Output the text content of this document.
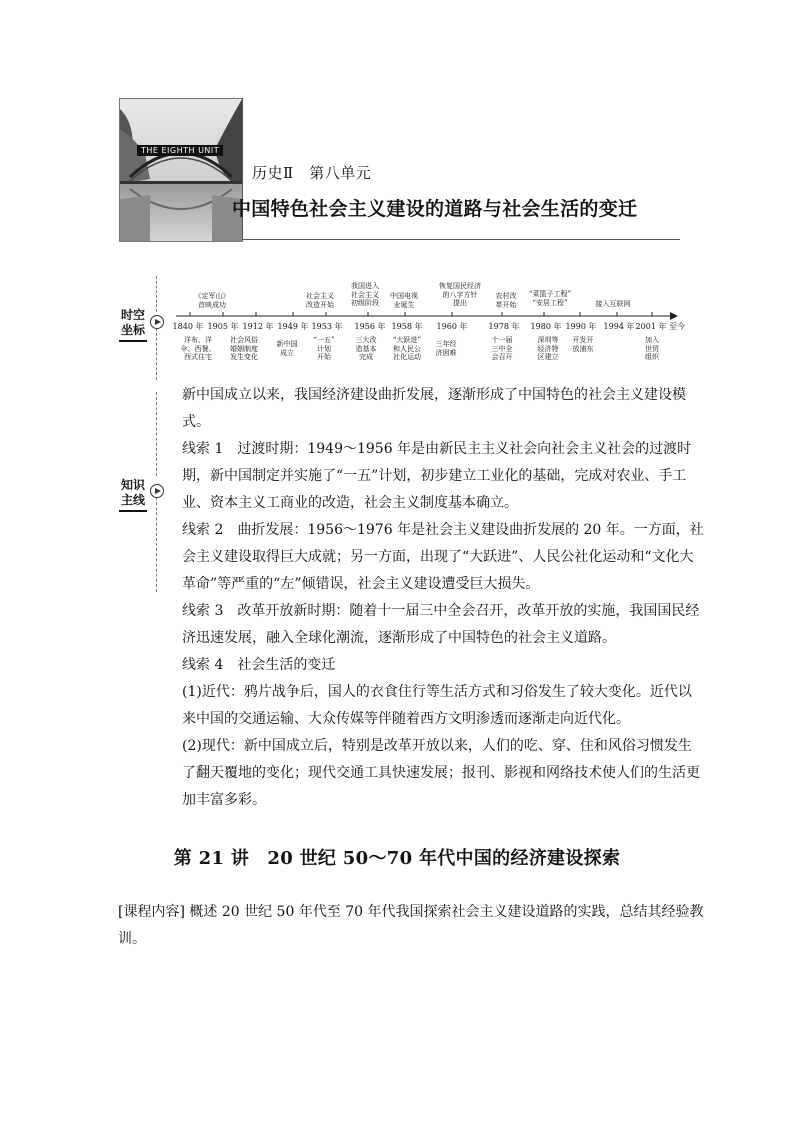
THE EIGHTH UNIT
历史Ⅱ　第八单元
中国特色社会主义建设的道路与社会生活的变迁
时空
坐标
知识
主线
1840 年 1905 年 1912 年 1949 年 1953 年 1956 年 1958 年 1960 年	1978 年 1980 年 1990 年 1994 年 2001 年 至今
《定军山》
首映成功
社会主义
改造开始
我国进入
社会主义
初级阶段
中国电视
业诞生
恢复国民经济
的八字方针
提出
农村改
革开始
“菜篮子工程”
“安居工程”	接入互联网
洋布、洋
伞、西餐、
西式住宅
社会风俗
婚姻制度
发生变化
新中国
成立
“一五”
计划
开始
三大改
造基本
完成
“大跃进”
和人民公
社化运动
三年经
济困难
十一届
三中全
会召开
深圳等
经济特
区建立
开发开
放浦东
加入
世贸
组织

新中国成立以来，我国经济建设曲折发展，逐渐形成了中国特色的社会主义建设模式。

线索 1　过渡时期：1949～1956 年是由新民主主义社会向社会主义社会的过渡时期，新中国制定并实施了“一五”计划，初步建立工业化的基础，完成对农业、手工业、资本主义工商业的改造，社会主义制度基本确立。

线索 2　曲折发展：1956～1976 年是社会主义建设曲折发展的 20 年。一方面，社会主义建设取得巨大成就；另一方面，出现了“大跃进”、人民公社化运动和“文化大革命”等严重的“左”倾错误，社会主义建设遭受巨大损失。

线索 3　改革开放新时期：随着十一届三中全会召开，改革开放的实施，我国国民经济迅速发展，融入全球化潮流，逐渐形成了中国特色的社会主义道路。

线索 4　社会生活的变迁

(1)近代：鸦片战争后，国人的衣食住行等生活方式和习俗发生了较大变化。近代以来中国的交通运输、大众传媒等伴随着西方文明渗透而逐渐走向近代化。

(2)现代：新中国成立后，特别是改革开放以来，人们的吃、穿、住和风俗习惯发生了翻天覆地的变化；现代交通工具快速发展；报刊、影视和网络技术使人们的生活更加丰富多彩。

第 21 讲　20 世纪 50～70 年代中国的经济建设探索

[课程内容] 概述 20 世纪 50 年代至 70 年代我国探索社会主义建设道路的实践，总结其经验教训。
